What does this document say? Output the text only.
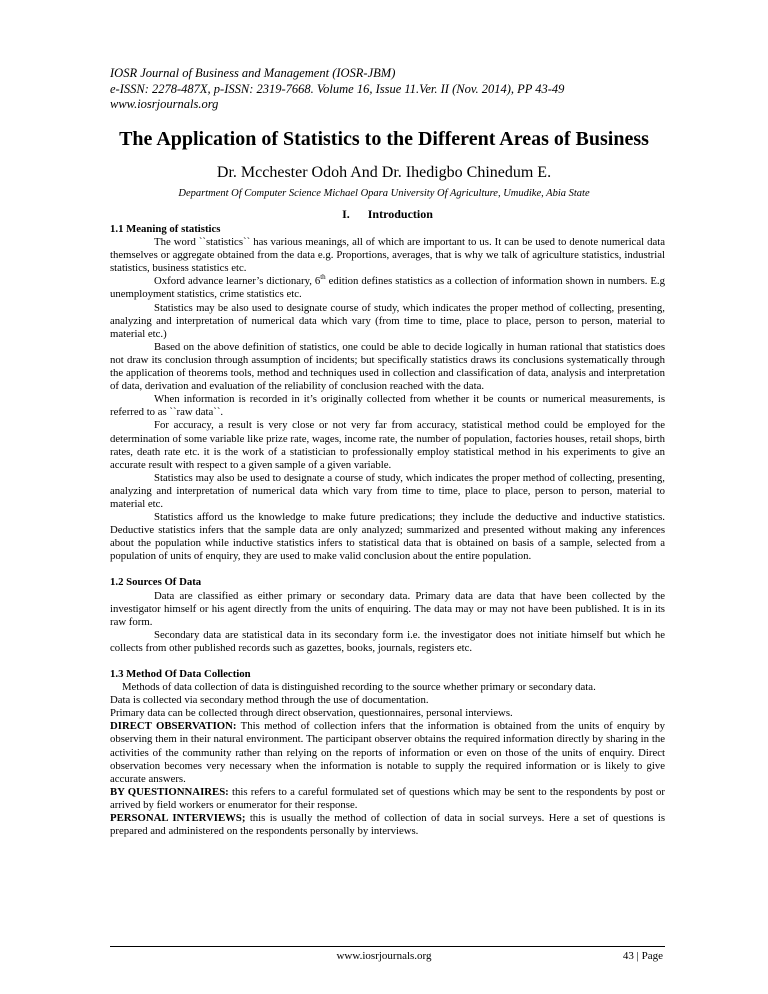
IOSR Journal of Business and Management (IOSR-JBM)
e-ISSN: 2278-487X, p-ISSN: 2319-7668. Volume 16, Issue 11.Ver. II (Nov. 2014), PP 43-49
www.iosrjournals.org
The Application of Statistics to the Different Areas of Business
Dr. Mcchester Odoh And Dr. Ihedigbo Chinedum E.
Department Of Computer Science Michael Opara University Of Agriculture, Umudike, Abia State
I. Introduction
1.1 Meaning of statistics

The word ``statistics`` has various meanings, all of which are important to us. It can be used to denote numerical data themselves or aggregate obtained from the data e.g. Proportions, averages, that is why we talk of agriculture statistics, industrial statistics, business statistics etc.

Oxford advance learner’s dictionary, 6th edition defines statistics as a collection of information shown in numbers. E.g unemployment statistics, crime statistics etc.

Statistics may be also used to designate course of study, which indicates the proper method of collecting, presenting, analyzing and interpretation of numerical data which vary (from time to time, place to place, person to person, material to material etc.)

Based on the above definition of statistics, one could be able to decide logically in human rational that statistics does not draw its conclusion through assumption of incidents; but specifically statistics draws its conclusions systematically through the application of theorems tools, method and techniques used in collection and classification of data, analysis and interpretation of data, derivation and evaluation of the reliability of conclusion reached with the data.

When information is recorded in it’s originally collected from whether it be counts or numerical measurements, is referred to as ``raw data``.

For accuracy, a result is very close or not very far from accuracy, statistical method could be employed for the determination of some variable like prize rate, wages, income rate, the number of population, factories houses, retail shops, birth rates, death rate etc. it is the work of a statistician to professionally employ statistical method in his experiments to give an accurate result with respect to a given sample of a given variable.

Statistics may also be used to designate a course of study, which indicates the proper method of collecting, presenting, analyzing and interpretation of numerical data which vary from time to time, place to place, person to person, material to material etc.

Statistics afford us the knowledge to make future predications; they include the deductive and inductive statistics. Deductive statistics infers that the sample data are only analyzed; summarized and presented without making any inferences about the population while inductive statistics infers to statistical data that is obtained on basis of a sample, selected from a population of units of enquiry, they are used to make valid conclusion about the entire population.

1.2 Sources Of Data

Data are classified as either primary or secondary data. Primary data are data that have been collected by the investigator himself or his agent directly from the units of enquiring. The data may or may not have been published. It is in its raw form.

Secondary data are statistical data in its secondary form i.e. the investigator does not initiate himself but which he collects from other published records such as gazettes, books, journals, registers etc.

1.3 Method Of Data Collection

Methods of data collection of data is distinguished recording to the source whether primary or secondary data.

Data is collected via secondary method through the use of documentation.

Primary data can be collected through direct observation, questionnaires, personal interviews.

DIRECT OBSERVATION: This method of collection infers that the information is obtained from the units of enquiry by observing them in their natural environment. The participant observer obtains the required information directly by sharing in the activities of the community rather than relying on the reports of information or even on those of the units of enquiry. Direct observation becomes very necessary when the information is notable to supply the required information or is likely to give accurate answers.

BY QUESTIONNAIRES: this refers to a careful formulated set of questions which may be sent to the respondents by post or arrived by field workers or enumerator for their response.

PERSONAL INTERVIEWS; this is usually the method of collection of data in social surveys. Here a set of questions is prepared and administered on the respondents personally by interviews.

www.iosrjournals.org	43 | Page
